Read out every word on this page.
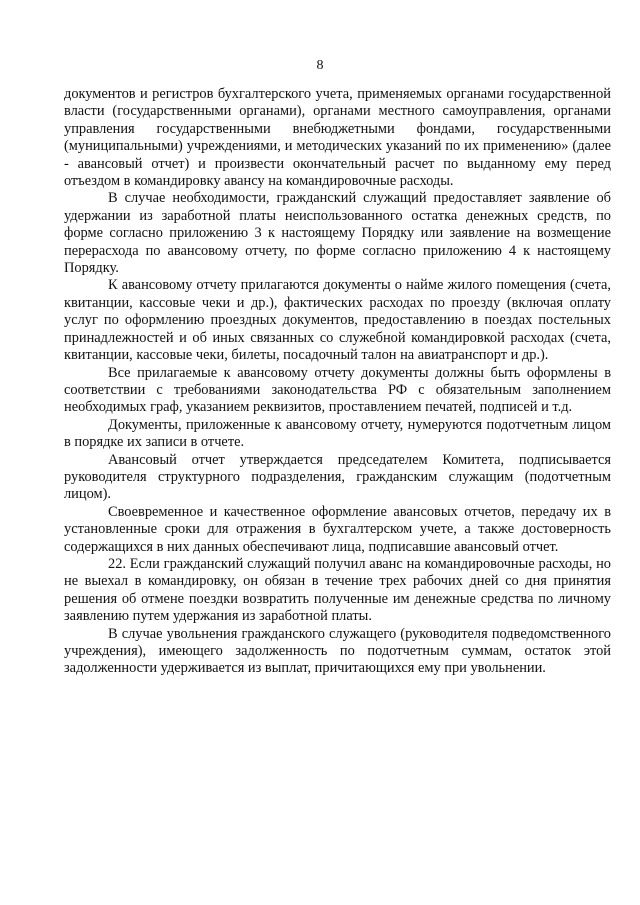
8

документов и регистров бухгалтерского учета, применяемых органами государственной власти (государственными органами), органами местного самоуправления, органами управления государственными внебюджетными фондами, государственными (муниципальными) учреждениями, и методических указаний по их применению» (далее - авансовый отчет) и произвести окончательный расчет по выданному ему перед отъездом в командировку авансу на командировочные расходы.

В случае необходимости, гражданский служащий предоставляет заявление об удержании из заработной платы неиспользованного остатка денежных средств, по форме согласно приложению 3 к настоящему Порядку или заявление на возмещение перерасхода по авансовому отчету, по форме согласно приложению 4 к настоящему Порядку.

К авансовому отчету прилагаются документы о найме жилого помещения (счета, квитанции, кассовые чеки и др.), фактических расходах по проезду (включая оплату услуг по оформлению проездных документов, предоставлению в поездах постельных принадлежностей и об иных связанных со служебной командировкой расходах (счета, квитанции, кассовые чеки, билеты, посадочный талон на авиатранспорт и др.).

Все прилагаемые к авансовому отчету документы должны быть оформлены в соответствии с требованиями законодательства РФ с обязательным заполнением необходимых граф, указанием реквизитов, проставлением печатей, подписей и т.д.

Документы, приложенные к авансовому отчету, нумеруются подотчетным лицом в порядке их записи в отчете.

Авансовый отчет утверждается председателем Комитета, подписывается руководителя структурного подразделения, гражданским служащим (подотчетным лицом).

Своевременное и качественное оформление авансовых отчетов, передачу их в установленные сроки для отражения в бухгалтерском учете, а также достоверность содержащихся в них данных обеспечивают лица, подписавшие авансовый отчет.

22. Если гражданский служащий получил аванс на командировочные расходы, но не выехал в командировку, он обязан в течение трех рабочих дней со дня принятия решения об отмене поездки возвратить полученные им денежные средства по личному заявлению путем удержания из заработной платы.

В случае увольнения гражданского служащего (руководителя подведомственного учреждения), имеющего задолженность по подотчетным суммам, остаток этой задолженности удерживается из выплат, причитающихся ему при увольнении.
